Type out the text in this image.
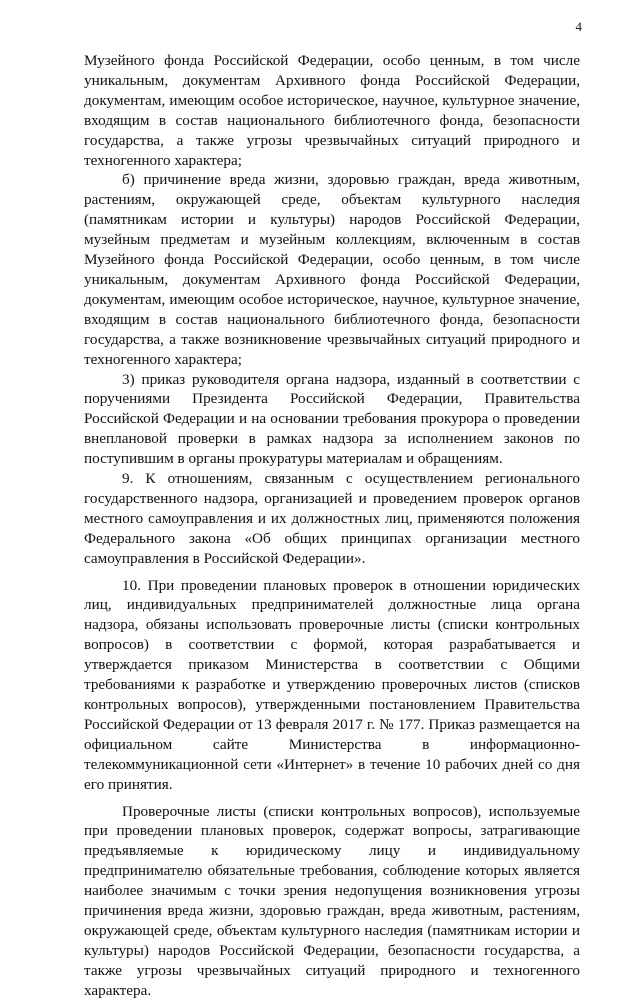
4

Музейного фонда Российской Федерации, особо ценным, в том числе уникальным, документам Архивного фонда Российской Федерации, документам, имеющим особое историческое, научное, культурное значение, входящим в состав национального библиотечного фонда, безопасности государства, а также угрозы чрезвычайных ситуаций природного и техногенного характера;

б) причинение вреда жизни, здоровью граждан, вреда животным, растениям, окружающей среде, объектам культурного наследия (памятникам истории и культуры) народов Российской Федерации, музейным предметам и музейным коллекциям, включенным в состав Музейного фонда Российской Федерации, особо ценным, в том числе уникальным, документам Архивного фонда Российской Федерации, документам, имеющим особое историческое, научное, культурное значение, входящим в состав национального библиотечного фонда, безопасности государства, а также возникновение чрезвычайных ситуаций природного и техногенного характера;

3) приказ руководителя органа надзора, изданный в соответствии с поручениями Президента Российской Федерации, Правительства Российской Федерации и на основании требования прокурора о проведении внеплановой проверки в рамках надзора за исполнением законов по поступившим в органы прокуратуры материалам и обращениям.

9. К отношениям, связанным с осуществлением регионального государственного надзора, организацией и проведением проверок органов местного самоуправления и их должностных лиц, применяются положения Федерального закона «Об общих принципах организации местного самоуправления в Российской Федерации».

10. При проведении плановых проверок в отношении юридических лиц, индивидуальных предпринимателей должностные лица органа надзора, обязаны использовать проверочные листы (списки контрольных вопросов) в соответствии с формой, которая разрабатывается и утверждается приказом Министерства в соответствии с Общими требованиями к разработке и утверждению проверочных листов (списков контрольных вопросов), утвержденными постановлением Правительства Российской Федерации от 13 февраля 2017 г. № 177. Приказ размещается на официальном сайте Министерства в информационно-телекоммуникационной сети «Интернет» в течение 10 рабочих дней со дня его принятия.

Проверочные листы (списки контрольных вопросов), используемые при проведении плановых проверок, содержат вопросы, затрагивающие предъявляемые к юридическому лицу и индивидуальному предпринимателю обязательные требования, соблюдение которых является наиболее значимым с точки зрения недопущения возникновения угрозы причинения вреда жизни, здоровью граждан, вреда животным, растениям, окружающей среде, объектам культурного наследия (памятникам истории и культуры) народов Российской Федерации, безопасности государства, а также угрозы чрезвычайных ситуаций природного и техногенного характера.
